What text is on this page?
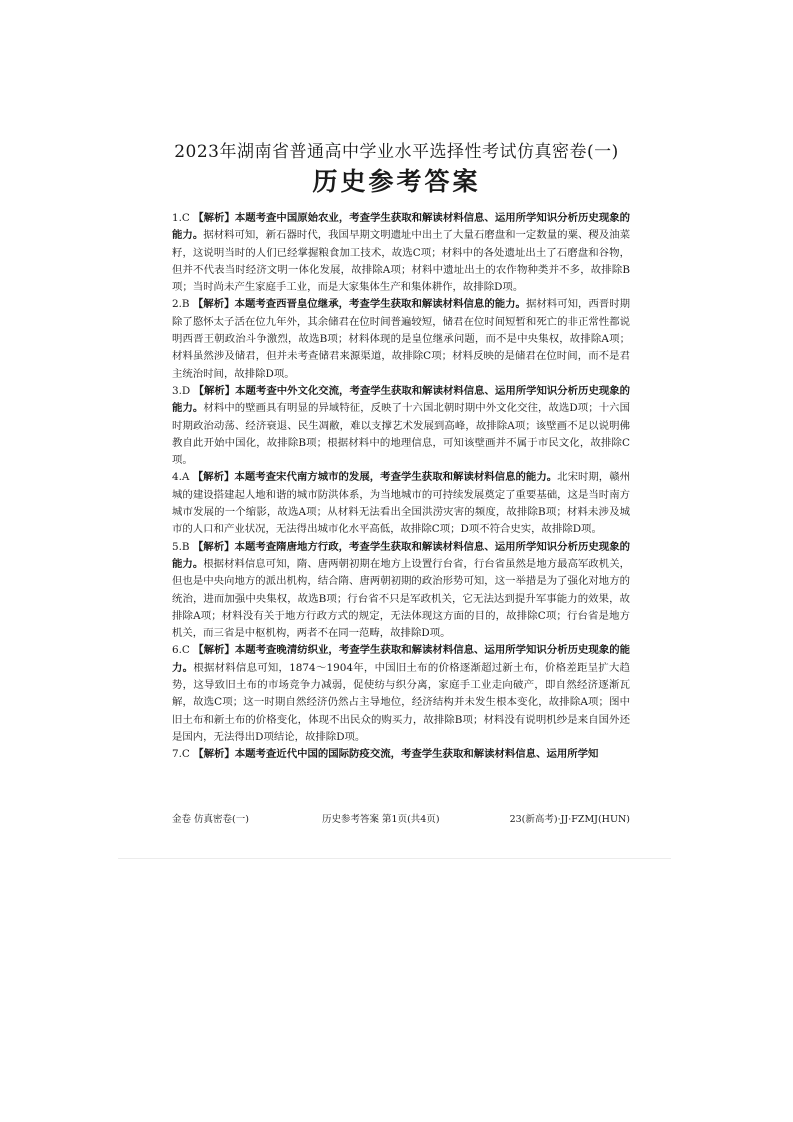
2023年湖南省普通高中学业水平选择性考试仿真密卷(一)
历史参考答案

1.C 【解析】本题考查中国原始农业，考查学生获取和解读材料信息、运用所学知识分析历史现象的能力。据材料可知，新石器时代，我国早期文明遗址中出土了大量石磨盘和一定数量的粟、稷及油菜籽，这说明当时的人们已经掌握粮食加工技术，故选C项；材料中的各处遗址出土了石磨盘和谷物，但并不代表当时经济文明一体化发展，故排除A项；材料中遗址出土的农作物种类并不多，故排除B项；当时尚未产生家庭手工业，而是大家集体生产和集体耕作，故排除D项。

2.B 【解析】本题考查西晋皇位继承，考查学生获取和解读材料信息的能力。据材料可知，西晋时期除了愍怀太子活在位九年外，其余储君在位时间普遍较短，储君在位时间短暂和死亡的非正常性都说明西晋王朝政治斗争激烈，故选B项；材料体现的是皇位继承问题，而不是中央集权，故排除A项；材料虽然涉及储君，但并未考查储君来源渠道，故排除C项；材料反映的是储君在位时间，而不是君主统治时间，故排除D项。

3.D 【解析】本题考查中外文化交流，考查学生获取和解读材料信息、运用所学知识分析历史现象的能力。材料中的壁画具有明显的异域特征，反映了十六国北朝时期中外文化交往，故选D项；十六国时期政治动荡、经济衰退、民生凋敝，难以支撑艺术发展到高峰，故排除A项；该壁画不足以说明佛教自此开始中国化，故排除B项；根据材料中的地理信息，可知该壁画并不属于市民文化，故排除C项。

4.A 【解析】本题考查宋代南方城市的发展，考查学生获取和解读材料信息的能力。北宋时期，赣州城的建设搭建起人地和谐的城市防洪体系，为当地城市的可持续发展奠定了重要基础，这是当时南方城市发展的一个缩影，故选A项；从材料无法看出全国洪涝灾害的频度，故排除B项；材料未涉及城市的人口和产业状况，无法得出城市化水平高低，故排除C项；D项不符合史实，故排除D项。

5.B 【解析】本题考查隋唐地方行政，考查学生获取和解读材料信息、运用所学知识分析历史现象的能力。根据材料信息可知，隋、唐两朝初期在地方上设置行台省，行台省虽然是地方最高军政机关，但也是中央向地方的派出机构，结合隋、唐两朝初期的政治形势可知，这一举措是为了强化对地方的统治，进而加强中央集权，故选B项；行台省不只是军政机关，它无法达到提升军事能力的效果，故排除A项；材料没有关于地方行政方式的规定，无法体现这方面的目的，故排除C项；行台省是地方机关，而三省是中枢机构，两者不在同一范畴，故排除D项。

6.C 【解析】本题考查晚清纺织业，考查学生获取和解读材料信息、运用所学知识分析历史现象的能力。根据材料信息可知，1874～1904年，中国旧土布的价格逐渐超过新土布，价格差距呈扩大趋势，这导致旧土布的市场竞争力减弱，促使纺与织分离，家庭手工业走向破产，即自然经济逐渐瓦解，故选C项；这一时期自然经济仍然占主导地位，经济结构并未发生根本变化，故排除A项；图中旧土布和新土布的价格变化，体现不出民众的购买力，故排除B项；材料没有说明机纱是来自国外还是国内，无法得出D项结论，故排除D项。

7.C 【解析】本题考查近代中国的国际防疫交流，考查学生获取和解读材料信息、运用所学知

金卷 仿真密卷(一)	历史参考答案 第1页(共4页)	23(新高考)·JJ·FZMJ(HUN)
